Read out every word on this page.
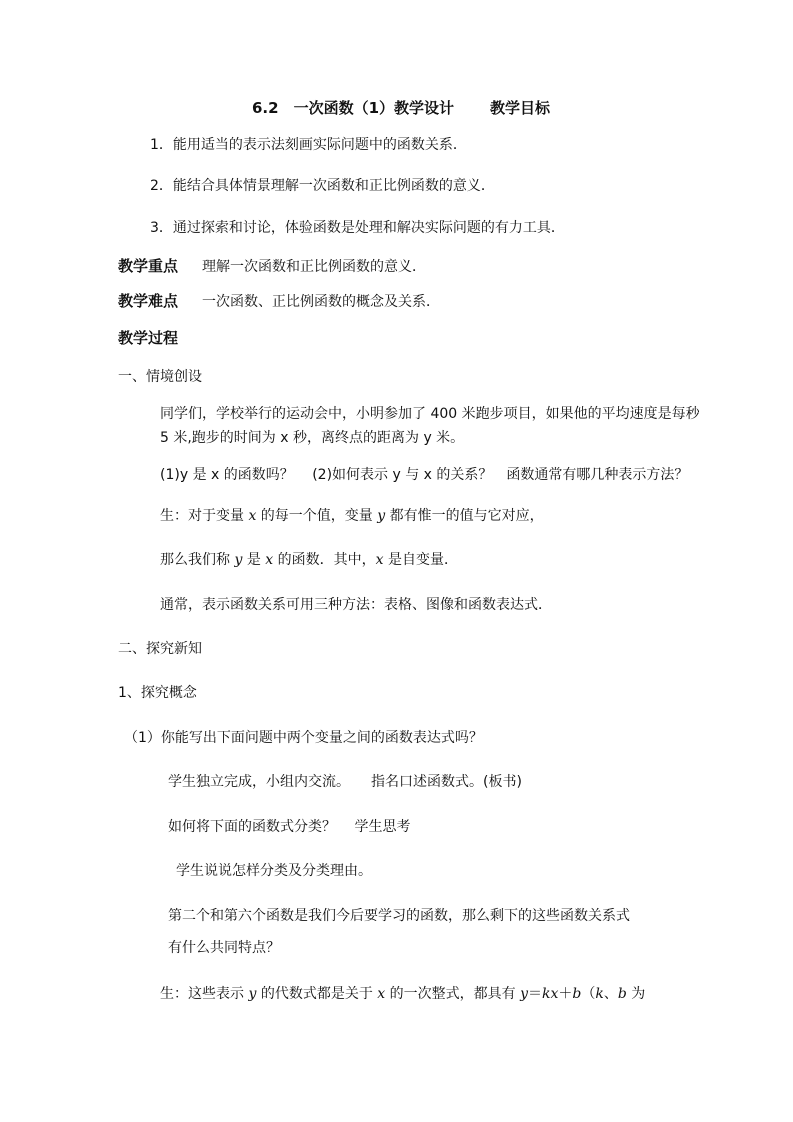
6.2　一次函数（1）教学设计 教学目标
1．能用适当的表示法刻画实际问题中的函数关系．
2．能结合具体情景理解一次函数和正比例函数的意义．
3．通过探索和讨论，体验函数是处理和解决实际问题的有力工具．
教学重点 理解一次函数和正比例函数的意义．
教学难点 一次函数、正比例函数的概念及关系．
教学过程
一、情境创设
同学们，学校举行的运动会中，小明参加了 400 米跑步项目，如果他的平均速度是每秒
5 米,跑步的时间为 x 秒，离终点的距离为 y 米。
(1)y 是 x 的函数吗？　 (2)如何表示 y 与 x 的关系？　函数通常有哪几种表示方法？
生：对于变量 x 的每一个值，变量 y 都有惟一的值与它对应，
那么我们称 y 是 x 的函数．其中，x 是自变量．
通常，表示函数关系可用三种方法：表格、图像和函数表达式．
二、探究新知
1、探究概念
（1）你能写出下面问题中两个变量之间的函数表达式吗？
学生独立完成，小组内交流。　　指名口述函数式。(板书)
如何将下面的函数式分类？　 学生思考
学生说说怎样分类及分类理由。
第二个和第六个函数是我们今后要学习的函数，那么剩下的这些函数关系式
有什么共同特点？
生：这些表示 y 的代数式都是关于 x 的一次整式，都具有 y＝kx＋b（k、b 为
